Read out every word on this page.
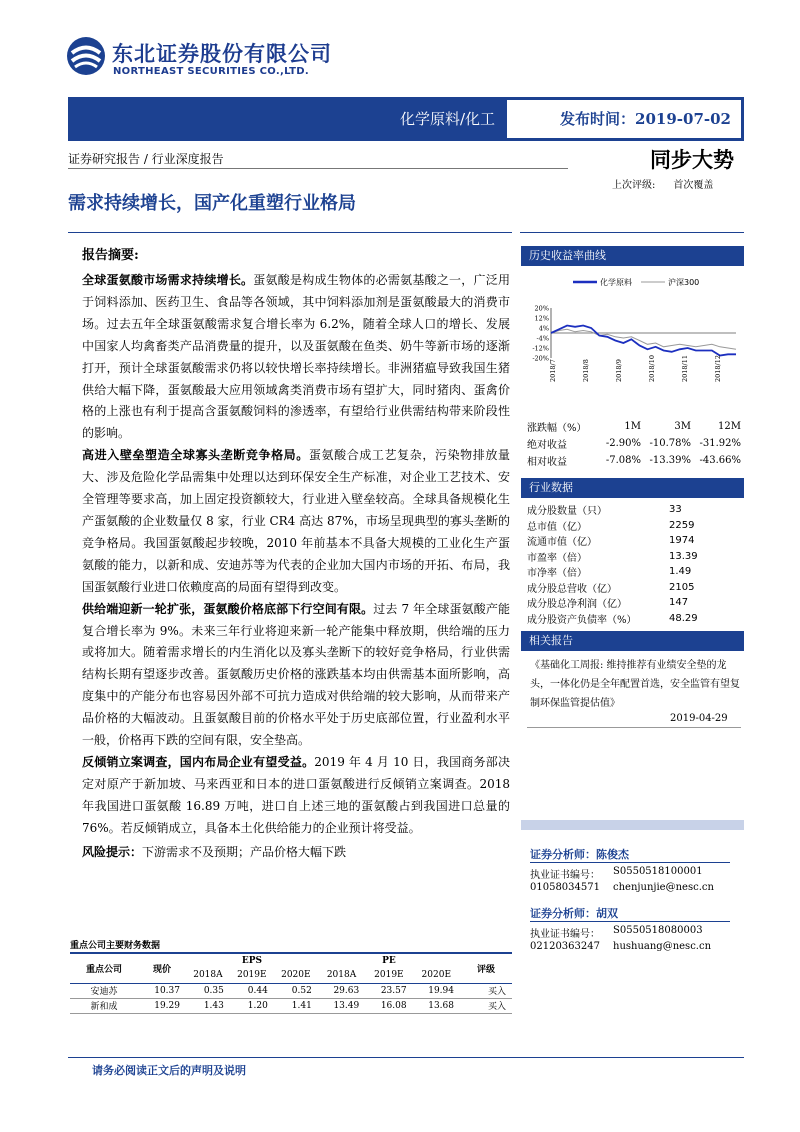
东北证券股份有限公司
NORTHEAST SECURITIES CO.,LTD.
化学原料/化工	发布时间：2019-07-02
证券研究报告 / 行业深度报告	同步大势
上次评级: 首次覆盖
需求持续增长，国产化重塑行业格局
报告摘要:

全球蛋氨酸市场需求持续增长。蛋氨酸是构成生物体的必需氨基酸之一，广泛用于饲料添加、医药卫生、食品等各领域，其中饲料添加剂是蛋氨酸最大的消费市场。过去五年全球蛋氨酸需求复合增长率为 6.2%，随着全球人口的增长、发展中国家人均禽畜类产品消费量的提升，以及蛋氨酸在鱼类、奶牛等新市场的逐渐打开，预计全球蛋氨酸需求仍将以较快增长率持续增长。非洲猪瘟导致我国生猪供给大幅下降，蛋氨酸最大应用领域禽类消费市场有望扩大，同时猪肉、蛋禽价格的上涨也有利于提高含蛋氨酸饲料的渗透率，有望给行业供需结构带来阶段性的影响。

高进入壁垒塑造全球寡头垄断竞争格局。蛋氨酸合成工艺复杂，污染物排放量大、涉及危险化学品需集中处理以达到环保安全生产标准，对企业工艺技术、安全管理等要求高，加上固定投资额较大，行业进入壁垒较高。全球具备规模化生产蛋氨酸的企业数量仅 8 家，行业 CR4 高达 87%，市场呈现典型的寡头垄断的竞争格局。我国蛋氨酸起步较晚，2010 年前基本不具备大规模的工业化生产蛋氨酸的能力，以新和成、安迪苏等为代表的企业加大国内市场的开拓、布局，我国蛋氨酸行业进口依赖度高的局面有望得到改变。

供给端迎新一轮扩张，蛋氨酸价格底部下行空间有限。过去 7 年全球蛋氨酸产能复合增长率为 9%。未来三年行业将迎来新一轮产能集中释放期，供给端的压力或将加大。随着需求增长的内生消化以及寡头垄断下的较好竞争格局，行业供需结构长期有望逐步改善。蛋氨酸历史价格的涨跌基本均由供需基本面所影响，高度集中的产能分布也容易因外部不可抗力造成对供给端的较大影响，从而带来产品价格的大幅波动。且蛋氨酸目前的价格水平处于历史底部位置，行业盈利水平一般，价格再下跌的空间有限，安全垫高。

反倾销立案调查，国内布局企业有望受益。2019 年 4 月 10 日，我国商务部决定对原产于新加坡、马来西亚和日本的进口蛋氨酸进行反倾销立案调查。2018 年我国进口蛋氨酸 16.89 万吨，进口自上述三地的蛋氨酸占到我国进口总量的 76%。若反倾销成立，具备本土化供给能力的企业预计将受益。

风险提示：下游需求不及预期；产品价格大幅下跌

重点公司主要财务数据
重点公司	现价	EPS			PE			评级
		2018A	2019E	2020E	2018A	2019E	2020E	
安迪苏	10.37	0.35	0.44	0.52	29.63	23.57	19.94	买入
新和成	19.29	1.43	1.20	1.41	13.49	16.08	13.68	买入
历史收益率曲线
化学原料	沪深300
20%
12%
4%
-4%
-12%
-20%
2018/7	2018/8	2018/9	2018/10	2018/11	2018/12
涨跌幅（%）	1M	3M	12M
绝对收益	-2.90%	-10.78%	-31.92%
相对收益	-7.08%	-13.39%	-43.66%
行业数据
成分股数量（只）	33
总市值（亿）	2259
流通市值（亿）	1974
市盈率（倍）	13.39
市净率（倍）	1.49
成分股总营收（亿）	2105
成分股总净利润（亿）	147
成分股资产负债率（%）	48.29
相关报告
《基础化工周报: 维持推荐有业绩安全垫的龙头，一体化仍是全年配置首选，安全监管有望复制环保监管提估值》
2019-04-29
证券分析师：陈俊杰
执业证书编号： S0550518100001
01058034571 chenjunjie@nesc.cn
证券分析师：胡双
执业证书编号： S0550518080003
02120363247 hushuang@nesc.cn
请务必阅读正文后的声明及说明
